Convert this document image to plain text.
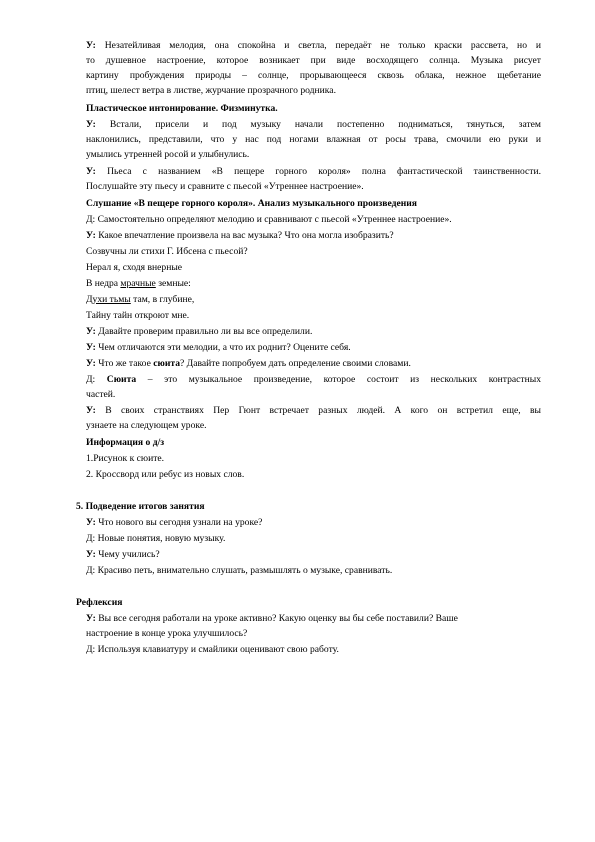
У: Незатейливая мелодия, она спокойна и светла, передаёт не только краски рассвета, но и
то душевное настроение, которое возникает при виде восходящего солнца. Музыка рисует
картину пробуждения природы – солнце, прорывающееся сквозь облака, нежное щебетание
птиц, шелест ветра в листве, журчание прозрачного родника.
Пластическое интонирование. Физминутка.
У: Встали, присели и под музыку начали постепенно подниматься, тянуться, затем
наклонились, представили, что у нас под ногами влажная от росы трава, смочили ею руки и
умылись утренней росой и улыбнулись.
У: Пьеса с названием «В пещере горного короля» полна фантастической таинственности.
Послушайте эту пьесу и сравните с пьесой «Утреннее настроение».
Слушание «В пещере горного короля». Анализ музыкального произведения
Д: Самостоятельно определяют мелодию и сравнивают с пьесой «Утреннее настроение».
У: Какое впечатление произвела на вас музыка? Что она могла изобразить?
Созвучны ли стихи Г. Ибсена с пьесой?
Нерал я, сходя внерные
В недра мрачные земные:
Духи тьмы там, в глубине,
Тайну тайн откроют мне.
У: Давайте проверим правильно ли вы все определили.
У: Чем отличаются эти мелодии, а что их роднит? Оцените себя.
У: Что же такое сюита? Давайте попробуем дать определение своими словами.
Д: Сюита – это музыкальное произведение, которое состоит из нескольких контрастных
частей.
У: В своих странствиях Пер Гюнт встречает разных людей. А кого он встретил еще, вы
узнаете на следующем уроке.
Информация о д/з
1.Рисунок к сюите.
2. Кроссворд или ребус из новых слов.
5. Подведение итогов занятия
У: Что нового вы сегодня узнали на уроке?
Д: Новые понятия, новую музыку.
У: Чему учились?
Д: Красиво петь, внимательно слушать, размышлять о музыке, сравнивать.
Рефлексия
У: Вы все сегодня работали на уроке активно? Какую оценку вы бы себе поставили? Ваше
настроение в конце урока улучшилось?
Д: Используя клавиатуру и смайлики оценивают свою работу.
